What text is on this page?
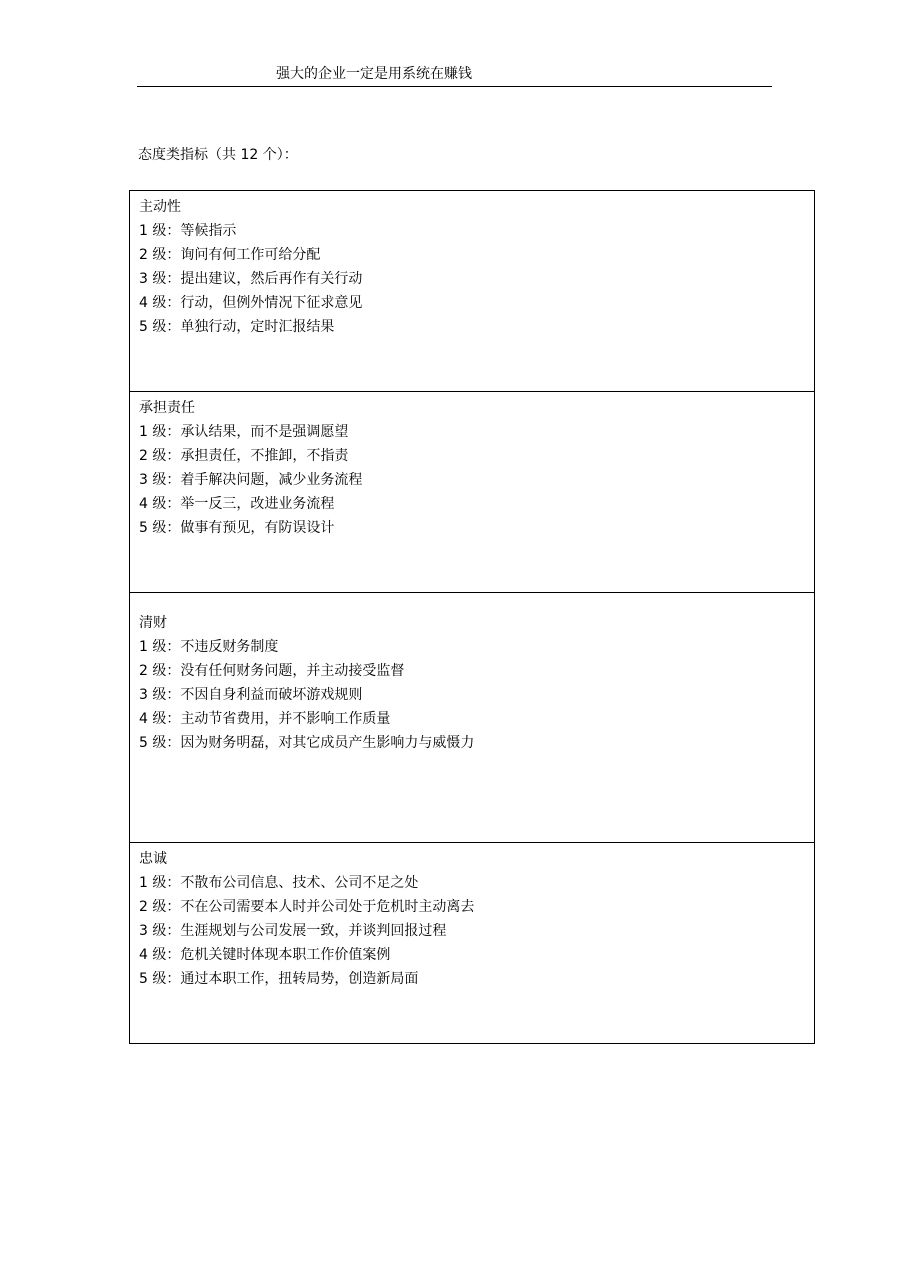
强大的企业一定是用系统在赚钱
态度类指标（共 12 个）：
主动性
1 级：等候指示
2 级：询问有何工作可给分配
3 级：提出建议，然后再作有关行动
4 级：行动，但例外情况下征求意见
5 级：单独行动，定时汇报结果

承担责任
1 级：承认结果，而不是强调愿望
2 级：承担责任，不推卸，不指责
3 级：着手解决问题，减少业务流程
4 级：举一反三，改进业务流程
5 级：做事有预见，有防误设计

清财
1 级：不违反财务制度
2 级：没有任何财务问题，并主动接受监督
3 级：不因自身利益而破坏游戏规则
4 级：主动节省费用，并不影响工作质量
5 级：因为财务明磊，对其它成员产生影响力与威慑力

忠诚
1 级：不散布公司信息、技术、公司不足之处
2 级：不在公司需要本人时并公司处于危机时主动离去
3 级：生涯规划与公司发展一致，并谈判回报过程
4 级：危机关键时体现本职工作价值案例
5 级：通过本职工作，扭转局势，创造新局面
